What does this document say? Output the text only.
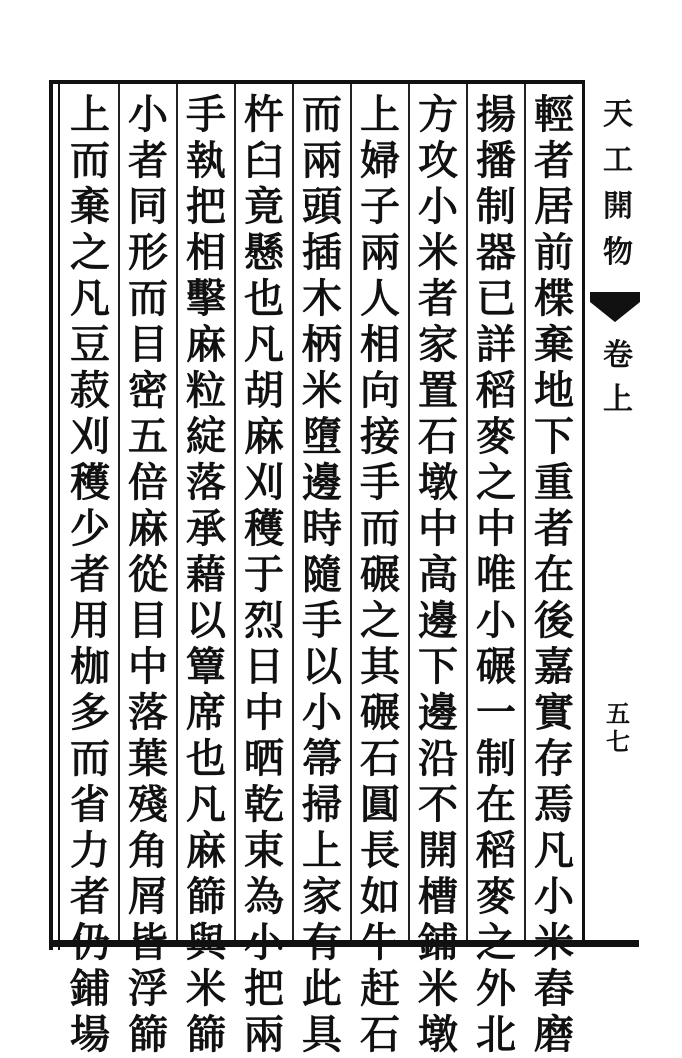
輕
者
居
前
楪
棄
地
下
重
者
在
後
嘉
實
存
焉
凡
小
米
舂
磨
揚
播
制
器
已
詳
稻
麥
之
中
唯
小
碾
一
制
在
稻
麥
之
外
北
方
攻
小
米
者
家
置
石
墩
中
高
邊
下
邊
沿
不
開
槽
鋪
米
墩
上
婦
子
兩
人
相
向
接
手
而
碾
之
其
碾
石
圓
長
如
牛
赶
石
而
兩
頭
插
木
柄
米
墮
邊
時
隨
手
以
小
箒
掃
上
家
有
此
具
杵
臼
竟
懸
也
凡
胡
麻
刈
穫
于
烈
日
中
晒
乾
束
為
小
把
兩
手
執
把
相
擊
麻
粒
綻
落
承
藉
以
簟
席
也
凡
麻
篩
與
米
篩
小
者
同
形
而
目
密
五
倍
麻
從
目
中
落
葉
殘
角
屑
皆
浮
篩
上
而
棄
之
凡
豆
菽
刈
穫
少
者
用
枷
多
而
省
力
者
仍
鋪
場
天
工
開
物
卷
上
五
七
